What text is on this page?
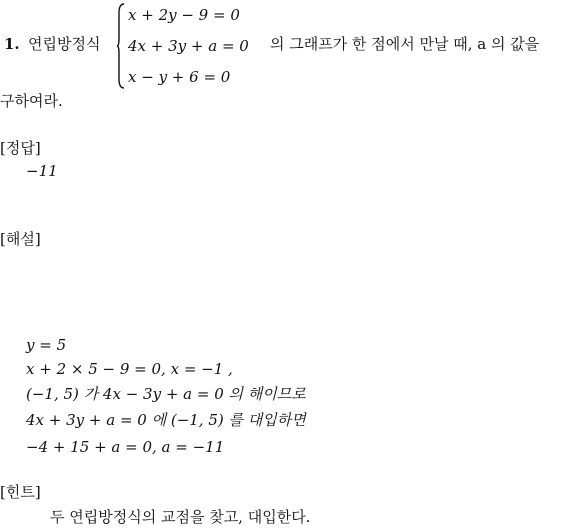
1. 연립방정식
x + 2y − 9 = 0
4x + 3y + a = 0
x − y + 6 = 0
의 그래프가 한 점에서 만날 때, a 의 값을
구하여라.
[정답]
−11
[해설]
y = 5
x + 2 × 5 − 9 = 0, x = −1 ,
(−1, 5) 가 4x − 3y + a = 0 의 해이므로
4x + 3y + a = 0 에 (−1, 5) 를 대입하면
−4 + 15 + a = 0, a = −11
[힌트]
두 연립방정식의 교점을 찾고, 대입한다.
